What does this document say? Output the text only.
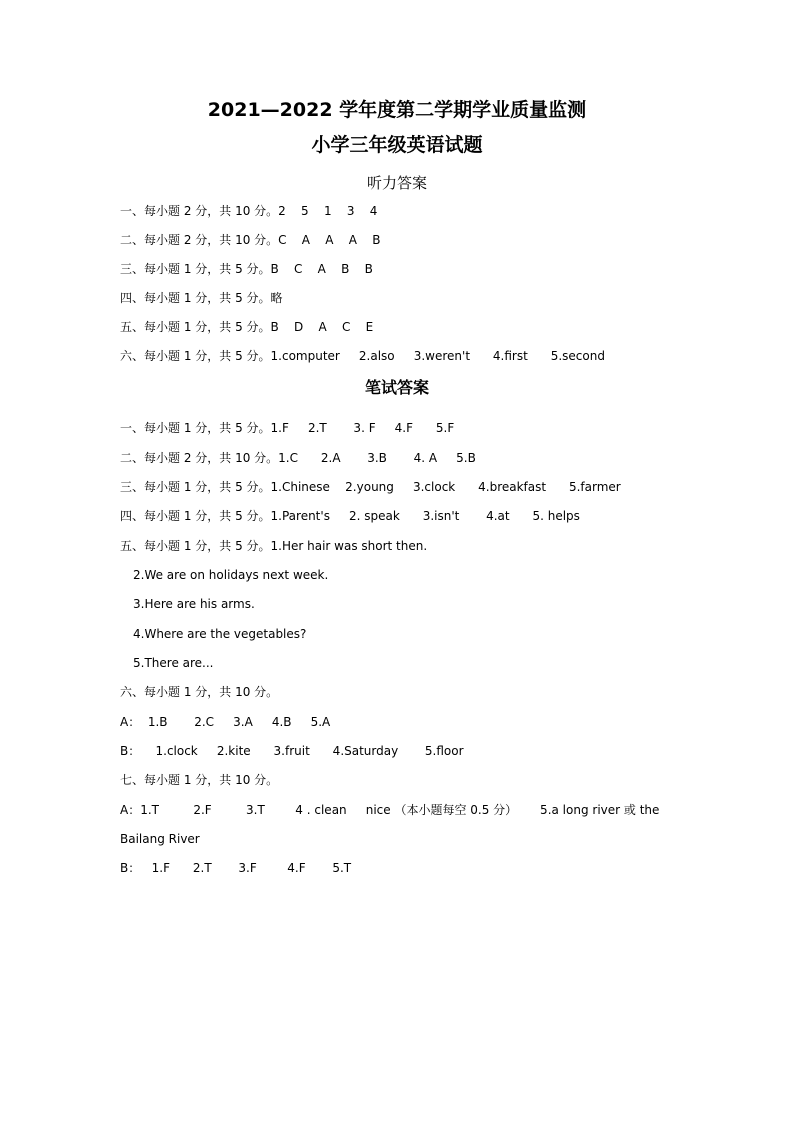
2021—2022 学年度第二学期学业质量监测
小学三年级英语试题
听力答案
一、每小题 2 分，共 10 分。2    5    1    3    4
二、每小题 2 分，共 10 分。C    A    A    A    B
三、每小题 1 分，共 5 分。B    C    A    B    B
四、每小题 1 分，共 5 分。略
五、每小题 1 分，共 5 分。B    D    A    C    E
六、每小题 1 分，共 5 分。1.computer     2.also     3.weren't      4.first      5.second
笔试答案
一、每小题 1 分，共 5 分。1.F     2.T       3. F     4.F      5.F
二、每小题 2 分，共 10 分。1.C      2.A       3.B       4. A     5.B
三、每小题 1 分，共 5 分。1.Chinese    2.young     3.clock      4.breakfast      5.farmer
四、每小题 1 分，共 5 分。1.Parent's     2. speak      3.isn't       4.at      5. helps
五、每小题 1 分，共 5 分。1.Her hair was short then.
2.We are on holidays next week.
3.Here are his arms.
4.Where are the vegetables?
5.There are...
六、每小题 1 分，共 10 分。
A：  1.B       2.C     3.A     4.B     5.A
B：    1.clock     2.kite      3.fruit      4.Saturday       5.floor
七、每小题 1 分，共 10 分。
A：1.T         2.F         3.T        4 . clean     nice （本小题每空 0.5 分）      5.a long river 或 the
Bailang River
B：   1.F      2.T       3.F        4.F       5.T
